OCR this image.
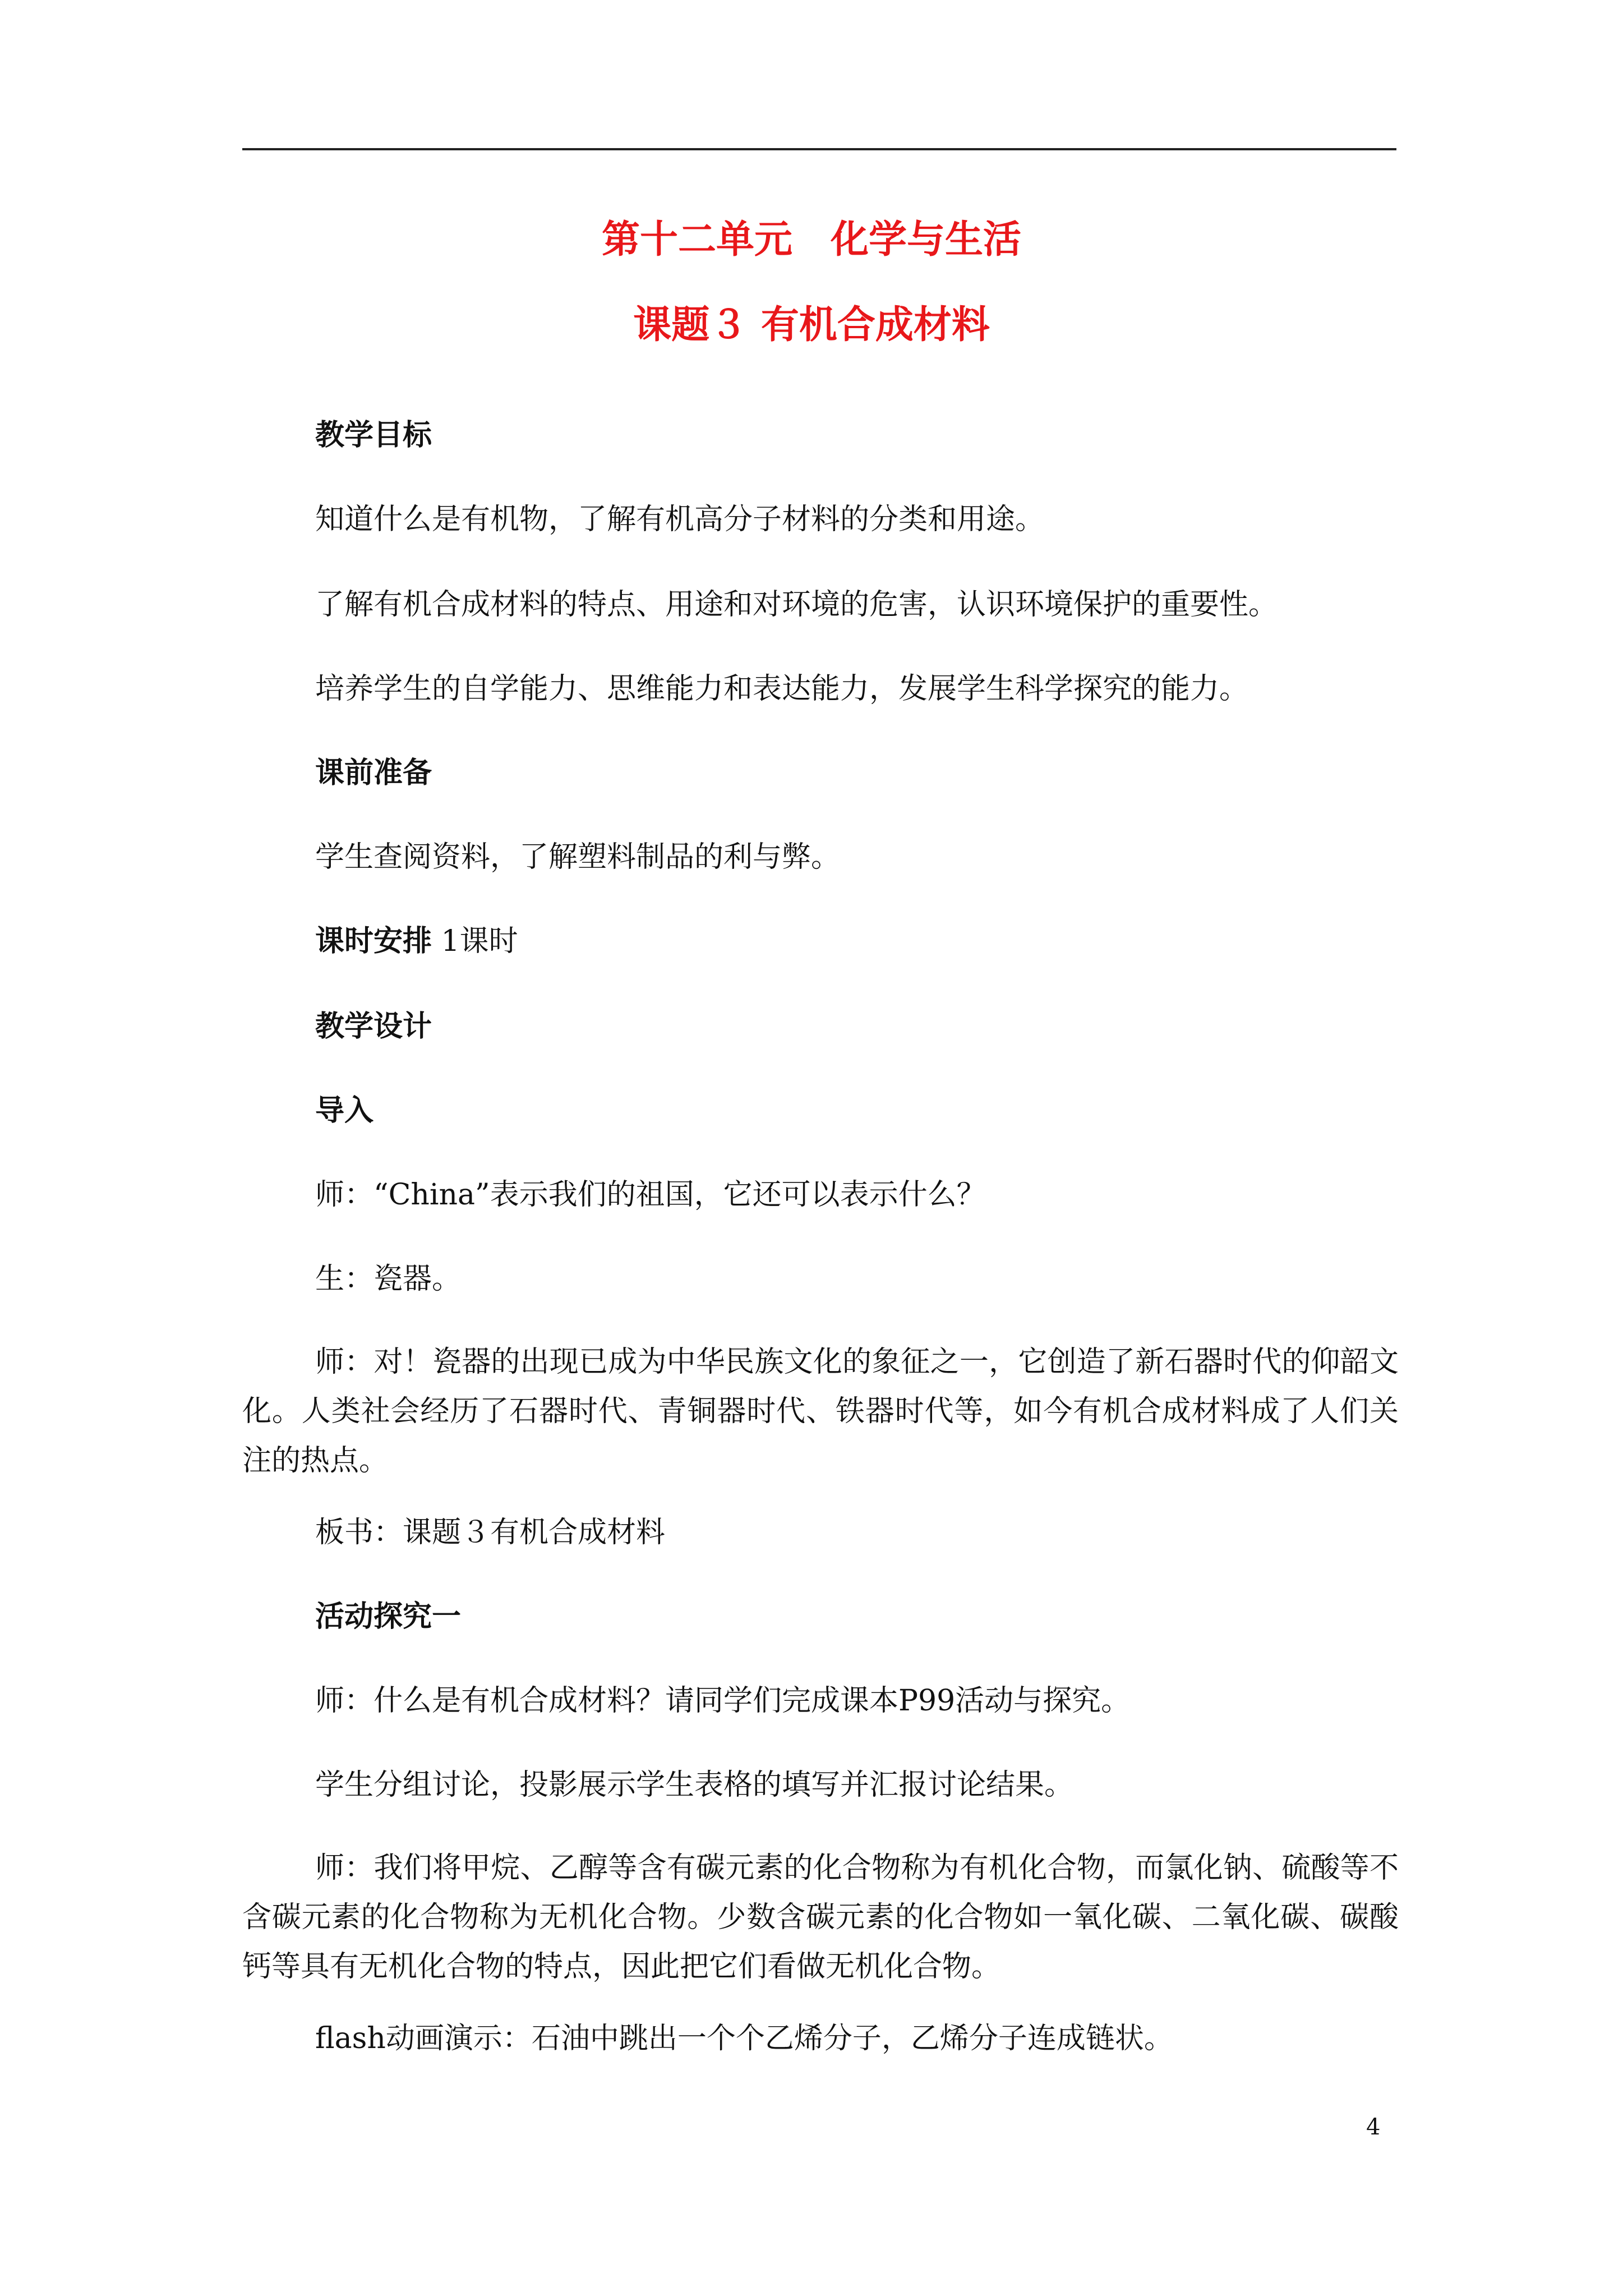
第十二单元　化学与生活
课题３ 有机合成材料
教学目标
知道什么是有机物，了解有机高分子材料的分类和用途。
了解有机合成材料的特点、用途和对环境的危害，认识环境保护的重要性。
培养学生的自学能力、思维能力和表达能力，发展学生科学探究的能力。
课前准备
学生查阅资料，了解塑料制品的利与弊。
课时安排 1课时
教学设计
导入
师：“China”表示我们的祖国，它还可以表示什么？
生：瓷器。
师：对！瓷器的出现已成为中华民族文化的象征之一，它创造了新石器时代的仰韶文化。人类社会经历了石器时代、青铜器时代、铁器时代等，如今有机合成材料成了人们关注的热点。
板书：课题３有机合成材料
活动探究一
师：什么是有机合成材料？请同学们完成课本P99活动与探究。
学生分组讨论，投影展示学生表格的填写并汇报讨论结果。
师：我们将甲烷、乙醇等含有碳元素的化合物称为有机化合物，而氯化钠、硫酸等不含碳元素的化合物称为无机化合物。少数含碳元素的化合物如一氧化碳、二氧化碳、碳酸钙等具有无机化合物的特点，因此把它们看做无机化合物。
flash动画演示：石油中跳出一个个乙烯分子，乙烯分子连成链状。
4
